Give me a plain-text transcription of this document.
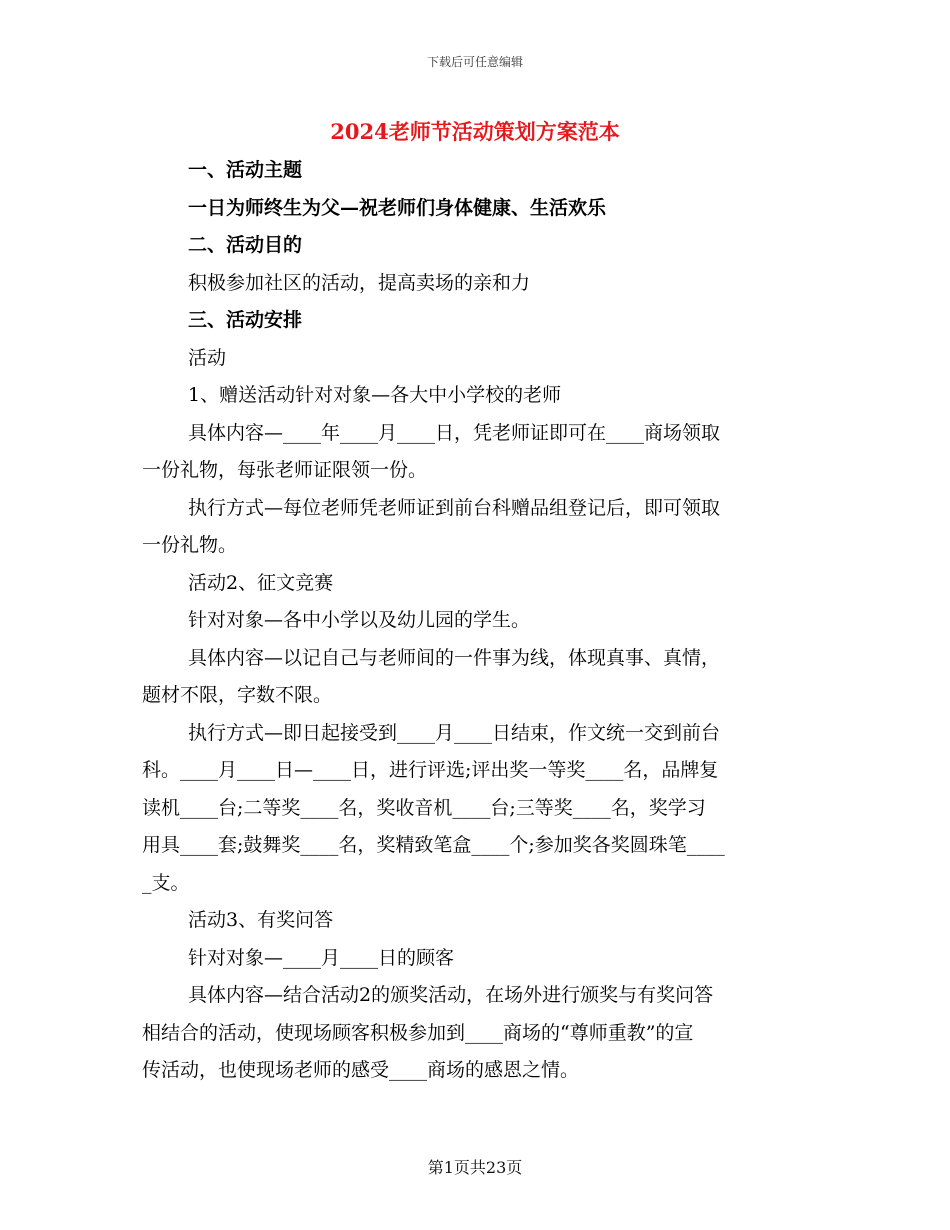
下载后可任意编辑
2024老师节活动策划方案范本
一、活动主题
一日为师终生为父—祝老师们身体健康、生活欢乐
二、活动目的
积极参加社区的活动，提高卖场的亲和力
三、活动安排
活动
1、赠送活动针对对象—各大中小学校的老师
具体内容—____年____月____日，凭老师证即可在____商场领取
一份礼物，每张老师证限领一份。
执行方式—每位老师凭老师证到前台科赠品组登记后，即可领取
一份礼物。
活动2、征文竞赛
针对对象—各中小学以及幼儿园的学生。
具体内容—以记自己与老师间的一件事为线，体现真事、真情，
题材不限，字数不限。
执行方式—即日起接受到____月____日结束，作文统一交到前台
科。____月____日—____日，进行评选;评出奖一等奖____名，品牌复
读机____台;二等奖____名，奖收音机____台;三等奖____名，奖学习
用具____套;鼓舞奖____名，奖精致笔盒____个;参加奖各奖圆珠笔____
_支。
活动3、有奖问答
针对对象—____月____日的顾客
具体内容—结合活动2的颁奖活动，在场外进行颁奖与有奖问答
相结合的活动，使现场顾客积极参加到____商场的“尊师重教”的宣
传活动，也使现场老师的感受____商场的感恩之情。
第1页共23页
